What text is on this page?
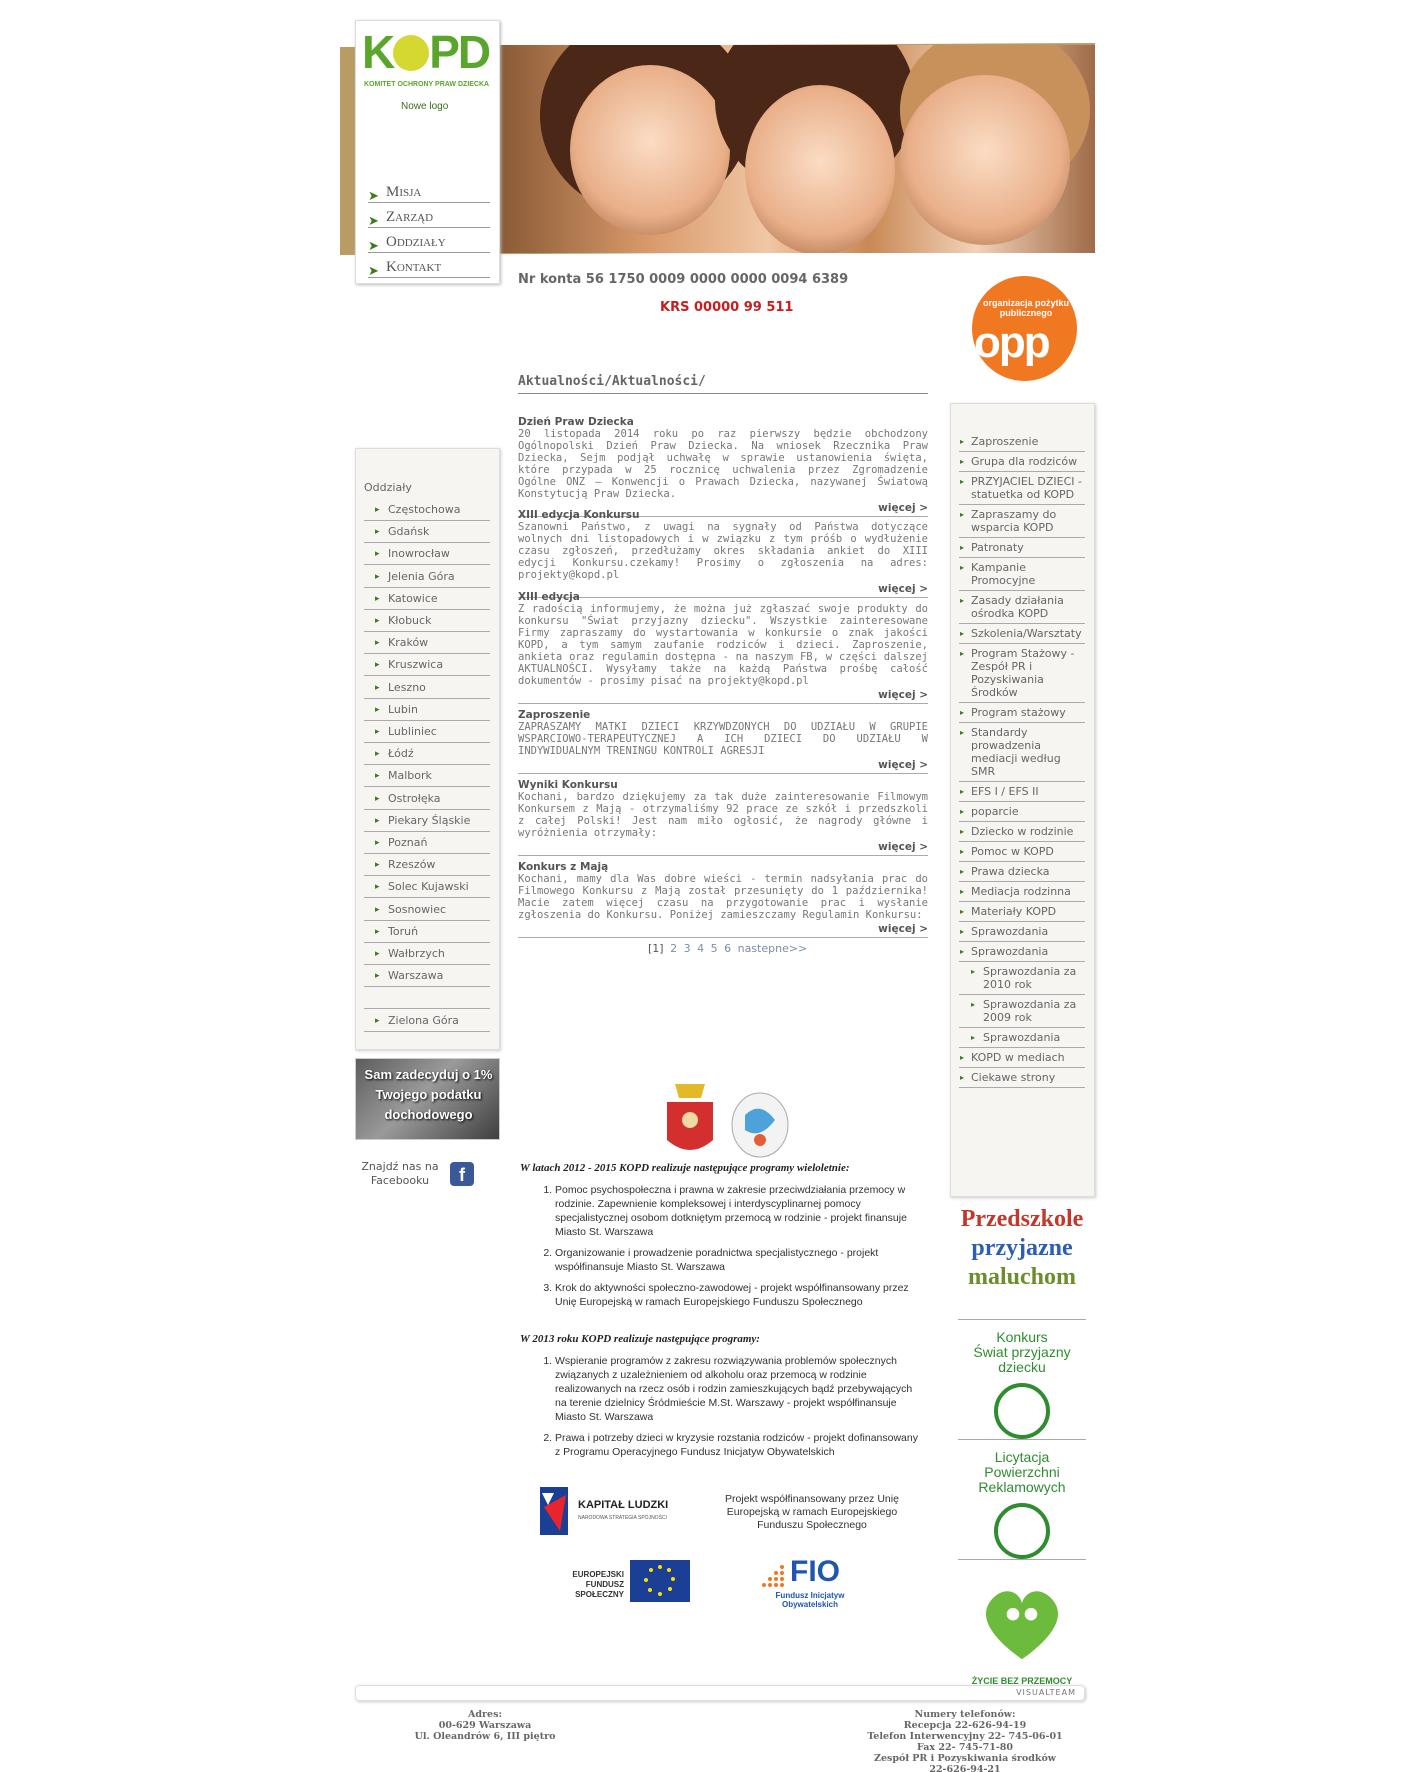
K PD
KOMITET OCHRONY PRAW DZIECKA
Nowe logo
➤ Misja
➤ Zarząd
➤ Oddziały
➤ Kontakt
Nr konta 56 1750 0009 0000 0000 0094 6389
KRS 00000 99 511	organizacja pożytku publicznego
opp
Aktualności/Aktualności/
Dzień Praw Dziecka
20 listopada 2014 roku po raz pierwszy będzie obchodzony Ogólnopolski Dzień Praw Dziecka. Na wniosek Rzecznika Praw Dziecka, Sejm podjął uchwałę w sprawie ustanowienia święta, które przypada w 25 rocznicę uchwalenia przez Zgromadzenie Ogólne ONZ – Konwencji o Prawach Dziecka, nazywanej Światową Konstytucją Praw Dziecka.
więcej >
XIII edycja Konkursu
Szanowni Państwo, z uwagi na sygnały od Państwa dotyczące wolnych dni listopadowych i w związku z tym próśb o wydłużenie czasu zgłoszeń, przedłużamy okres składania ankiet do XIII edycji Konkursu.czekamy! Prosimy o zgłoszenia na adres: projekty@kopd.pl
więcej >
XIII edycja
Z radością informujemy, że można już zgłaszać swoje produkty do konkursu "Świat przyjazny dziecku". Wszystkie zainteresowane Firmy zapraszamy do wystartowania w konkursie o znak jakości KOPD, a tym samym zaufanie rodziców i dzieci. Zaproszenie, ankieta oraz regulamin dostępna - na naszym FB, w części dalszej AKTUALNOŚCI. Wysyłamy także na każdą Państwa prośbę całość dokumentów - prosimy pisać na projekty@kopd.pl
więcej >
Zaproszenie
ZAPRASZAMY MATKI DZIECI KRZYWDZONYCH DO UDZIAŁU W GRUPIE WSPARCIOWO-TERAPEUTYCZNEJ A ICH DZIECI DO UDZIAŁU W INDYWIDUALNYM TRENINGU KONTROLI AGRESJI
więcej >
Wyniki Konkursu
Kochani, bardzo dziękujemy za tak duże zainteresowanie Filmowym Konkursem z Mają - otrzymaliśmy 92 prace ze szkół i przedszkoli z całej Polski! Jest nam miło ogłosić, że nagrody główne i wyróżnienia otrzymały:
więcej >
Konkurs z Mają
Kochani, mamy dla Was dobre wieści - termin nadsyłania prac do Filmowego Konkursu z Mają został przesunięty do 1 października! Macie zatem więcej czasu na przygotowanie prac i wysłanie zgłoszenia do Konkursu. Poniżej zamieszczamy Regulamin Konkursu:
więcej >
[1] 2 3 4 5 6 nastepne>>
Oddziały
▸ Częstochowa
▸ Gdańsk
▸ Inowrocław
▸ Jelenia Góra
▸ Katowice
▸ Kłobuck
▸ Kraków
▸ Kruszwica
▸ Leszno
▸ Lubin
▸ Lubliniec
▸ Łódź
▸ Malbork
▸ Ostrołęka
▸ Piekary Śląskie
▸ Poznań
▸ Rzeszów
▸ Solec Kujawski
▸ Sosnowiec
▸ Toruń
▸ Wałbrzych
▸ Warszawa
▸ Zielona Góra
Sam zadecyduj o 1% Twojego podatku dochodowego
Znajdź nas na Facebooku	f
▸ Zaproszenie
▸ Grupa dla rodziców
▸ PRZYJACIEL DZIECI - statuetka od KOPD
▸ Zapraszamy do wsparcia KOPD
▸ Patronaty
▸ Kampanie Promocyjne
▸ Zasady działania ośrodka KOPD
▸ Szkolenia/Warsztaty
▸ Program Stażowy - Zespół PR i Pozyskiwania Środków
▸ Program stażowy
▸ Standardy prowadzenia mediacji według SMR
▸ EFS I / EFS II
▸ poparcie
▸ Dziecko w rodzinie
▸ Pomoc w KOPD
▸ Prawa dziecka
▸ Mediacja rodzinna
▸ Materiały KOPD
▸ Sprawozdania
▸ Sprawozdania
▸ Sprawozdania za 2010 rok
▸ Sprawozdania za 2009 rok
▸ Sprawozdania
▸ KOPD w mediach
▸ Ciekawe strony
Przedszkole
przyjazne
maluchom
Konkurs
Świat przyjazny dziecku
Licytacja
Powierzchni Reklamowych
ŻYCIE BEZ PRZEMOCY
W latach 2012 - 2015 KOPD realizuje następujące programy wieloletnie:
1. Pomoc psychospołeczna i prawna w zakresie przeciwdziałania przemocy w rodzinie. Zapewnienie kompleksowej i interdyscyplinarnej pomocy specjalistycznej osobom dotkniętym przemocą w rodzinie - projekt finansuje Miasto St. Warszawa
2. Organizowanie i prowadzenie poradnictwa specjalistycznego - projekt współfinansuje Miasto St. Warszawa
3. Krok do aktywności społeczno-zawodowej - projekt współfinansowany przez Unię Europejską w ramach Europejskiego Funduszu Społecznego
W 2013 roku KOPD realizuje następujące programy:
1. Wspieranie programów z zakresu rozwiązywania problemów społecznych związanych z uzależnieniem od alkoholu oraz przemocą w rodzinie realizowanych na rzecz osób i rodzin zamieszkujących bądź przebywających na terenie dzielnicy Śródmieście M.St. Warszawy - projekt współfinansuje Miasto St. Warszawa
2. Prawa i potrzeby dzieci w kryzysie rozstania rodziców - projekt dofinansowany z Programu Operacyjnego Fundusz Inicjatyw Obywatelskich
KAPITAŁ LUDZKI
NARODOWA STRATEGIA SPÓJNOŚCI
Projekt współfinansowany przez Unię Europejską w ramach Europejskiego Funduszu Społecznego
EUROPEJSKI FUNDUSZ SPOŁECZNY
FIO
Fundusz Inicjatyw Obywatelskich
VISUALTEAM
Adres:
00-629 Warszawa
Ul. Oleandrów 6, III piętro
Numery telefonów:
Recepcja 22-626-94-19
Telefon Interwencyjny 22- 745-06-01
Fax 22- 745-71-80
Zespół PR i Pozyskiwania środków
22-626-94-21
